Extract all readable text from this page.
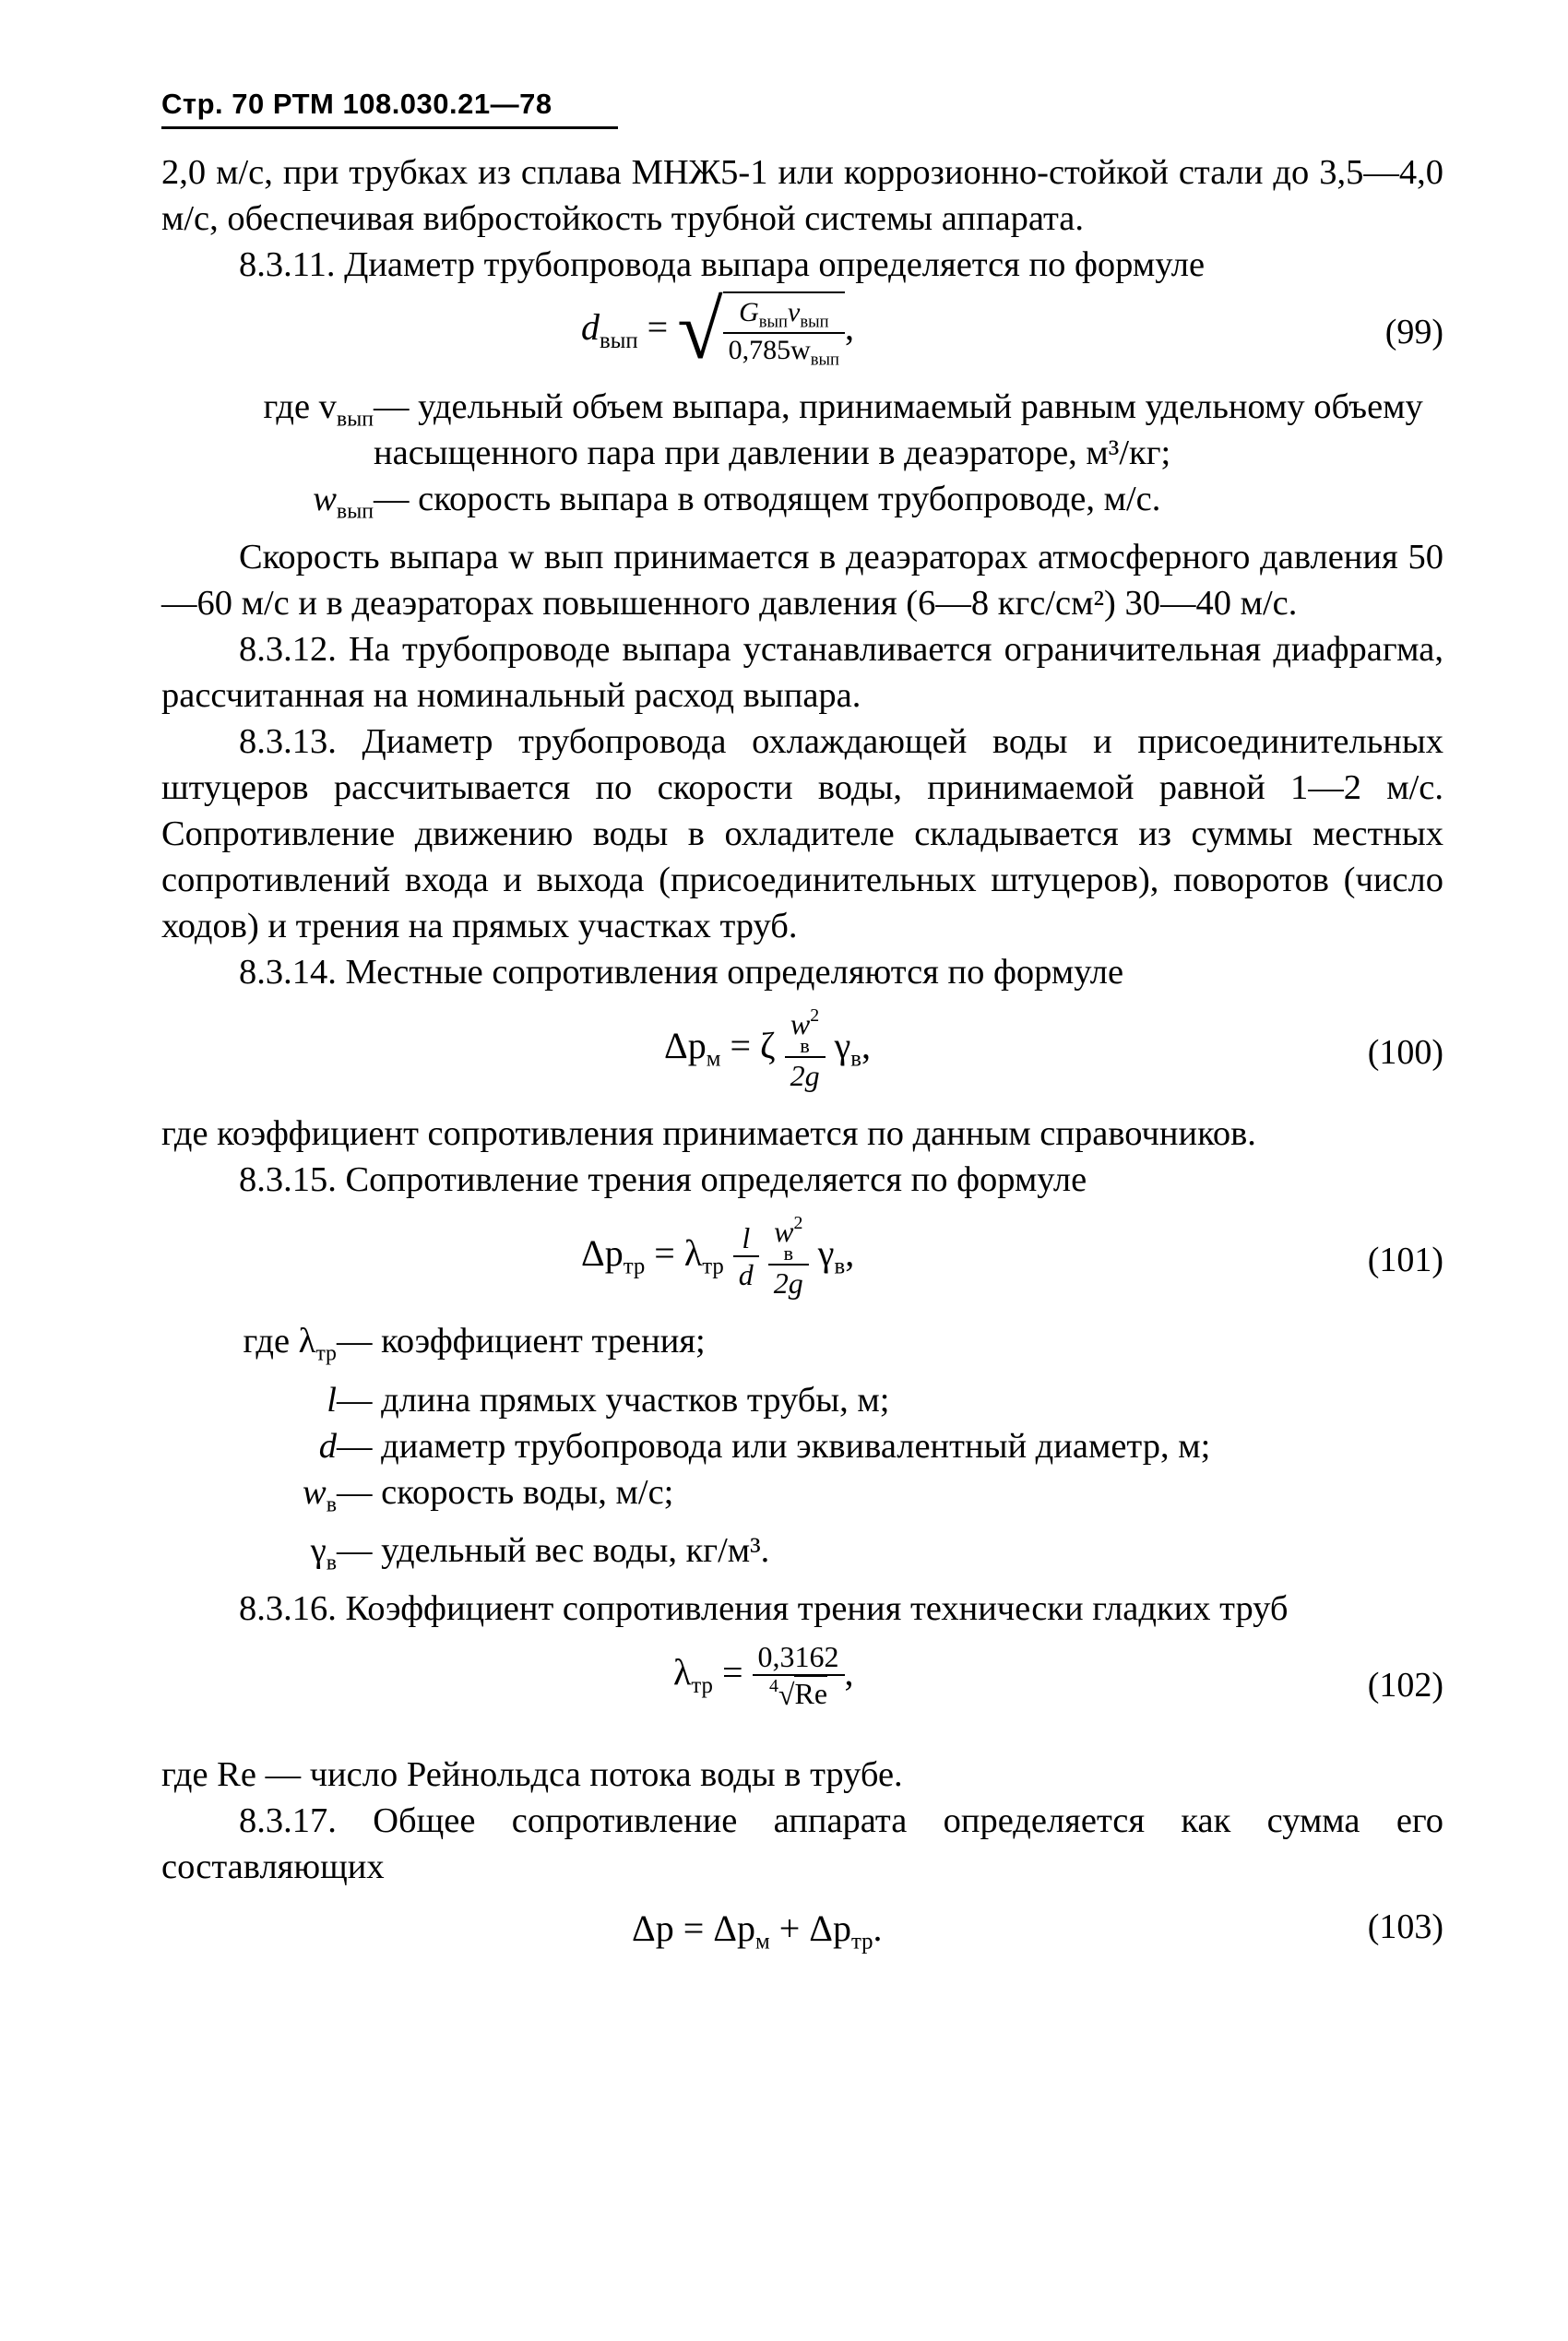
Стр. 70 РТМ 108.030.21—78

2,0 м/с, при трубках из сплава МНЖ5-1 или коррозионно-стойкой стали до 3,5—4,0 м/с, обеспечивая вибростойкость трубной системы аппарата.

8.3.11. Диаметр трубопровода выпара определяется по формуле

$d_{вып}$ = √ $\frac{G_{вып}v_{вып}}{0,785w_{вып}}$ ,	(99)
где $v_{вып}$ — удельный объем выпара, принимаемый равным удельному объему насыщенного пара при давлении в деаэраторе, м³/кг;
$w_{вып}$ — скорость выпара в отводящем трубопроводе, м/с.

Скорость выпара w вып принимается в деаэраторах атмосферного давления 50—60 м/с и в деаэраторах повышенного давления (6—8 кгс/см²) 30—40 м/с.

8.3.12. На трубопроводе выпара устанавливается ограничительная диафрагма, рассчитанная на номинальный расход выпара.

8.3.13. Диаметр трубопровода охлаждающей воды и присоединительных штуцеров рассчитывается по скорости воды, принимаемой равной 1—2 м/с. Сопротивление движению воды в охладителе складывается из суммы местных сопротивлений входа и выхода (присоединительных штуцеров), поворотов (число ходов) и трения на прямых участках труб.

8.3.14. Местные сопротивления определяются по формуле

$\Delta p_м = \zeta$
$w^2$
в
2g
$\gamma_в$,	(100)

где коэффициент сопротивления принимается по данным справочников.

8.3.15. Сопротивление трения определяется по формуле

$\Delta p_{тр} = \lambda_{тр} \frac{l}{d}$
$w^2$
в
2g
$\gamma_в$,	(101)
где $\lambda_{тр}$ — коэффициент трения;
l — длина прямых участков трубы, м;
d — диаметр трубопровода или эквивалентный диаметр, м;
$w_в$ — скорость воды, м/с;
$\gamma_в$ — удельный вес воды, кг/м³.

8.3.16. Коэффициент сопротивления трения технически гладких труб

$\lambda_{тр} = \frac{0,3162}{^4√Re}$ ,	(102)

где Re — число Рейнольдса потока воды в трубе.

8.3.17. Общее сопротивление аппарата определяется как сумма его составляющих

$\Delta p = \Delta p_м + \Delta p_{тр}$.	(103)
